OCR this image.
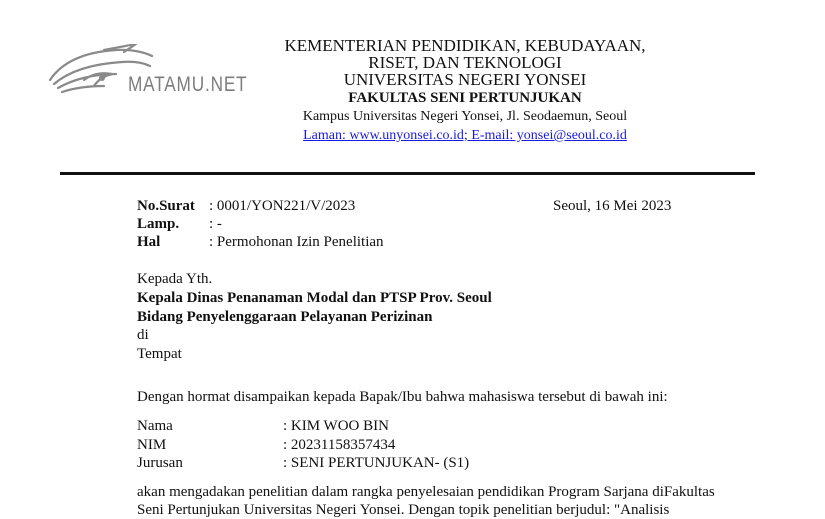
MATAMU.NET
KEMENTERIAN PENDIDIKAN, KEBUDAYAAN,
RISET, DAN TEKNOLOGI
UNIVERSITAS NEGERI YONSEI
FAKULTAS SENI PERTUNJUKAN
Kampus Universitas Negeri Yonsei, Jl. Seodaemun, Seoul
Laman: www.unyonsei.co.id; E-mail: yonsei@seoul.co.id
No.Surat : 0001/YON221/V/2023	Seoul, 16 Mei 2023
Lamp. : -
Hal	: Permohonan Izin Penelitian
Kepada Yth.
Kepala Dinas Penanaman Modal dan PTSP Prov. Seoul
Bidang Penyelenggaraan Pelayanan Perizinan
di
Tempat
Dengan hormat disampaikan kepada Bapak/Ibu bahwa mahasiswa tersebut di bawah ini:
Nama	: KIM WOO BIN
NIM	: 20231158357434
Jurusan	: SENI PERTUNJUKAN- (S1)
akan mengadakan penelitian dalam rangka penyelesaian pendidikan Program Sarjana diFakultas
Seni Pertunjukan Universitas Negeri Yonsei. Dengan topik penelitian berjudul: "Analisis
